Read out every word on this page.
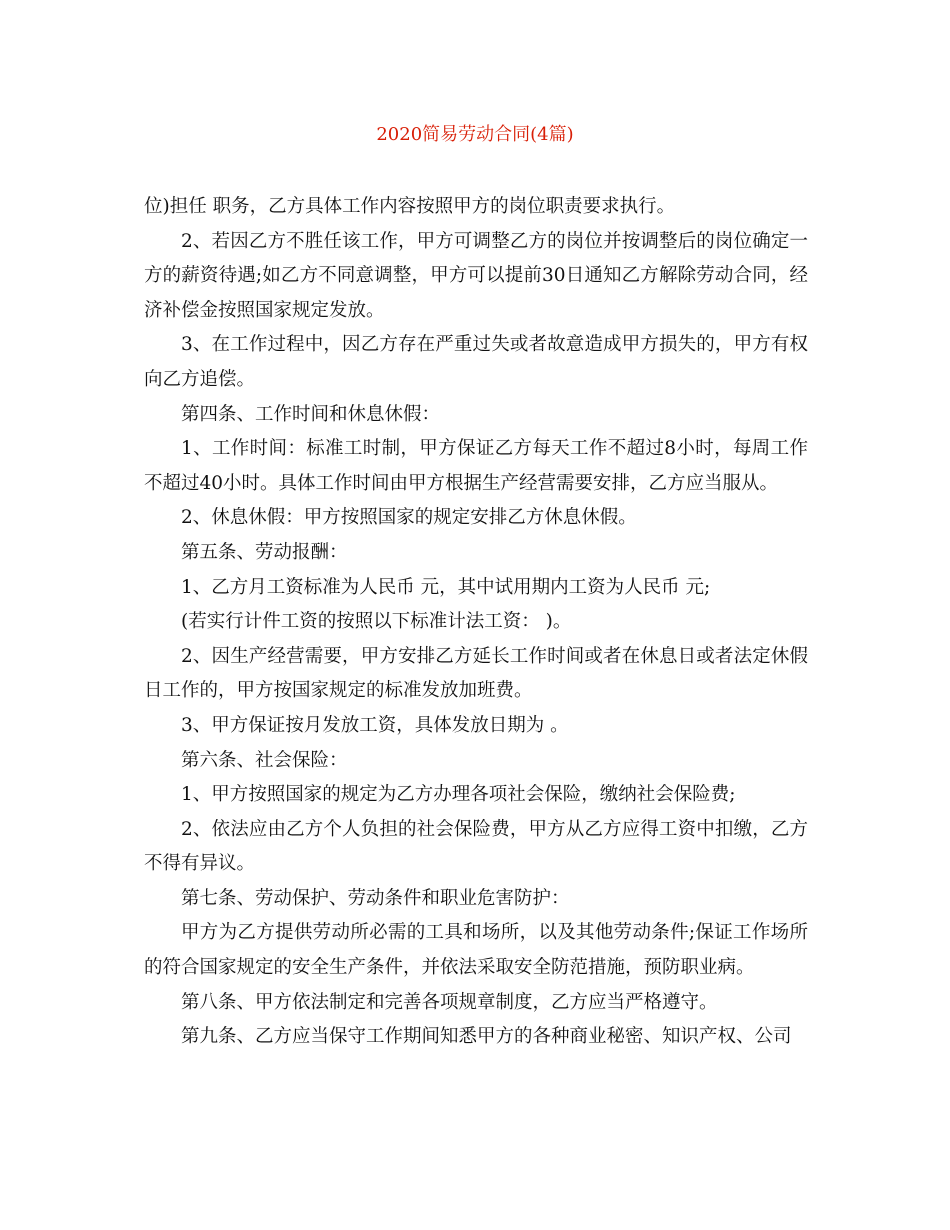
2020简易劳动合同(4篇)

位)担任 职务，乙方具体工作内容按照甲方的岗位职责要求执行。

2、若因乙方不胜任该工作，甲方可调整乙方的岗位并按调整后的岗位确定一方的薪资待遇;如乙方不同意调整，甲方可以提前30日通知乙方解除劳动合同，经济补偿金按照国家规定发放。

3、在工作过程中，因乙方存在严重过失或者故意造成甲方损失的，甲方有权向乙方追偿。

第四条、工作时间和休息休假：

1、工作时间：标准工时制，甲方保证乙方每天工作不超过8小时，每周工作不超过40小时。具体工作时间由甲方根据生产经营需要安排，乙方应当服从。

2、休息休假：甲方按照国家的规定安排乙方休息休假。

第五条、劳动报酬：

1、乙方月工资标准为人民币 元，其中试用期内工资为人民币 元;

(若实行计件工资的按照以下标准计法工资： )。

2、因生产经营需要，甲方安排乙方延长工作时间或者在休息日或者法定休假日工作的，甲方按国家规定的标准发放加班费。

3、甲方保证按月发放工资，具体发放日期为 。

第六条、社会保险：

1、甲方按照国家的规定为乙方办理各项社会保险，缴纳社会保险费;

2、依法应由乙方个人负担的社会保险费，甲方从乙方应得工资中扣缴，乙方不得有异议。

第七条、劳动保护、劳动条件和职业危害防护：

甲方为乙方提供劳动所必需的工具和场所，以及其他劳动条件;保证工作场所的符合国家规定的安全生产条件，并依法采取安全防范措施，预防职业病。

第八条、甲方依法制定和完善各项规章制度，乙方应当严格遵守。

第九条、乙方应当保守工作期间知悉甲方的各种商业秘密、知识产权、公司
